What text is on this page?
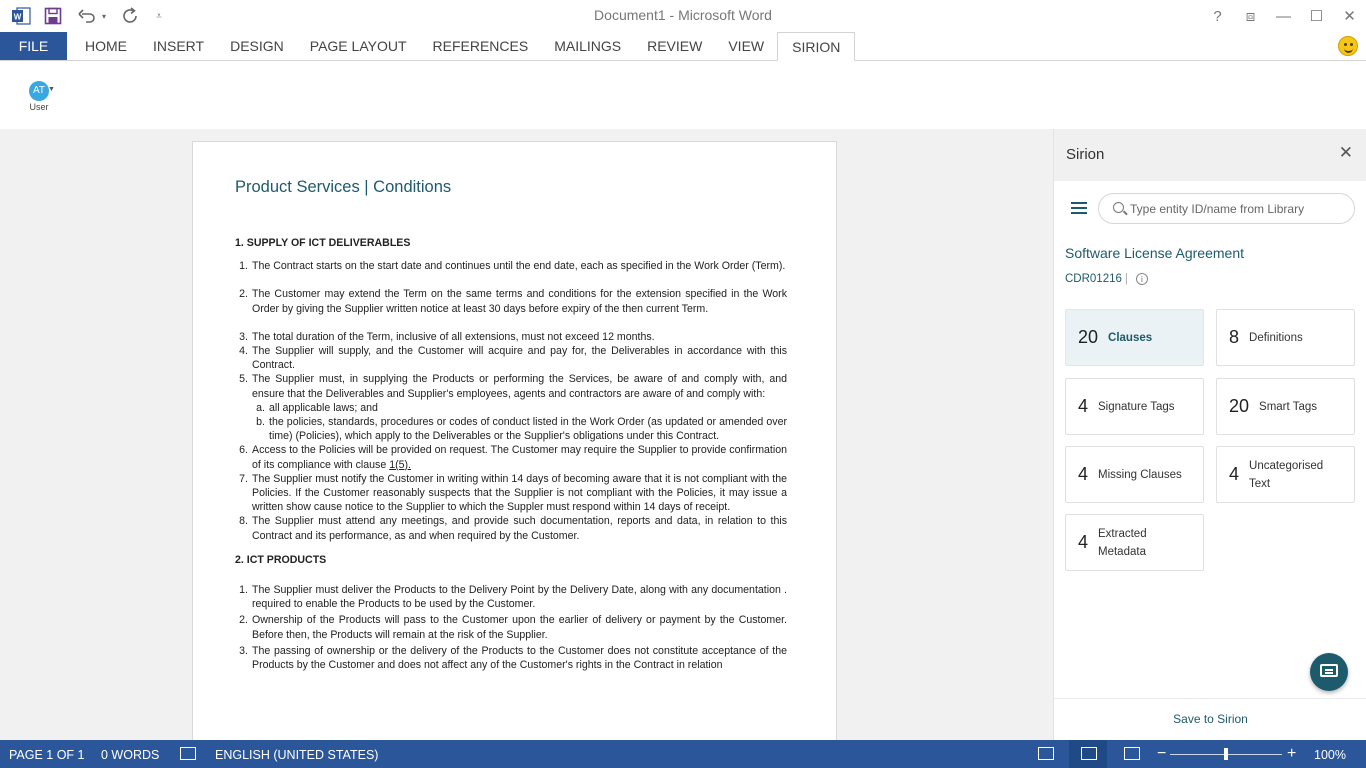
W	▾	⩡	Document1 - Microsoft Word	?	⧈	—	☐	✕
FILE	HOME	INSERT	DESIGN	PAGE LAYOUT	REFERENCES	MAILINGS	REVIEW	VIEW	SIRION
AT ▼
User
Product Services | Conditions
1. SUPPLY OF ICT DELIVERABLES
1. The Contract starts on the start date and continues until the end date, each as specified in the Work Order (Term).
2. The Customer may extend the Term on the same terms and conditions for the extension specified in the Work Order by giving the Supplier written notice at least 30 days before expiry of the then current Term.
3. The total duration of the Term, inclusive of all extensions, must not exceed 12 months.
4. The Supplier will supply, and the Customer will acquire and pay for, the Deliverables in accordance with this Contract.
5. The Supplier must, in supplying the Products or performing the Services, be aware of and comply with, and ensure that the Deliverables and Supplier's employees, agents and contractors are aware of and comply with:
a. all applicable laws; and
b. the policies, standards, procedures or codes of conduct listed in the Work Order (as updated or amended over time) (Policies), which apply to the Deliverables or the Supplier's obligations under this Contract.
6. Access to the Policies will be provided on request. The Customer may require the Supplier to provide confirmation of its compliance with clause 1(5).
7. The Supplier must notify the Customer in writing within 14 days of becoming aware that it is not compliant with the Policies. If the Customer reasonably suspects that the Supplier is not compliant with the Policies, it may issue a written show cause notice to the Supplier to which the Suppler must respond within 14 days of receipt.
8. The Supplier must attend any meetings, and provide such documentation, reports and data, in relation to this Contract and its performance, as and when required by the Customer.
2. ICT PRODUCTS
1. The Supplier must deliver the Products to the Delivery Point by the Delivery Date, along with any documentation .      required to enable the Products to be used by the Customer.
2. Ownership of the Products will pass to the Customer upon the earlier of delivery or payment by the Customer. Before then, the Products will remain at the risk of the Supplier.
3. The passing of ownership or the delivery of the Products to the Customer does not constitute acceptance of the Products by the Customer and does not affect any of the Customer's rights in the Contract in relation
Sirion	✕
Type entity ID/name from Library
Software License Agreement
CDR01216 |	i
20 Clauses	8 Definitions
4 Signature Tags	20 Smart Tags
4 Missing Clauses	4 Uncategorised Text
4 Extracted Metadata
Save to Sirion
PAGE 1 OF 1 0 WORDS	ENGLISH (UNITED STATES)	−	+ 100%
